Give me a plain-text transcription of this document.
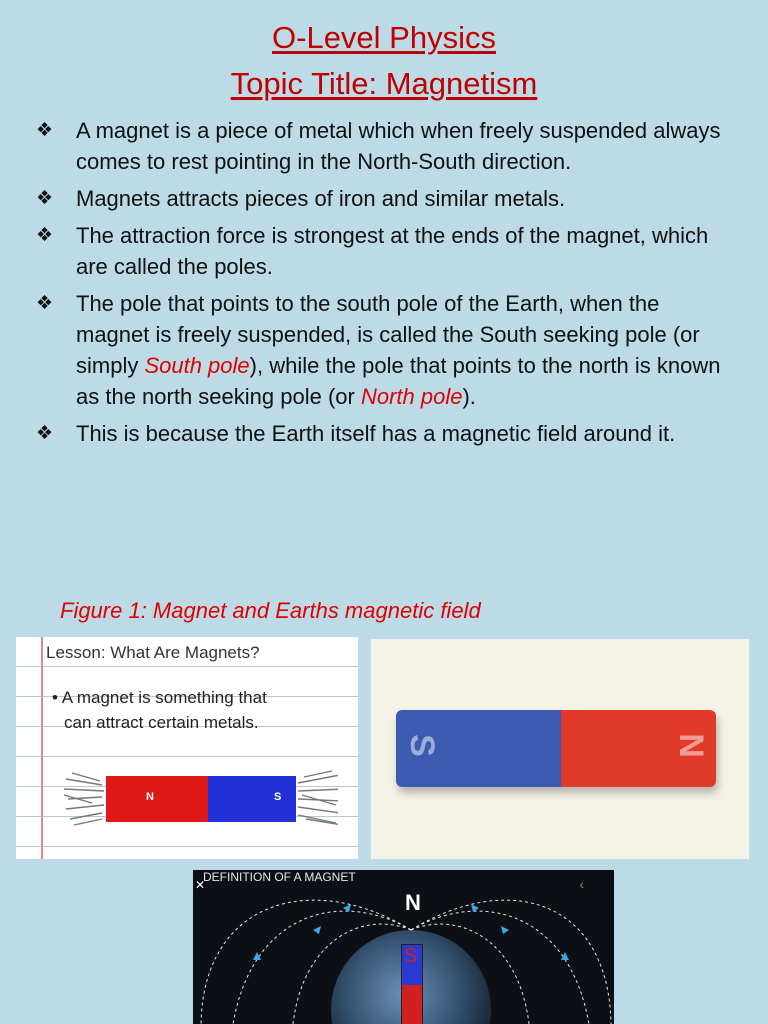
O-Level Physics
Topic Title: Magnetism
❖	A magnet is a piece of metal which when freely suspended always comes to rest pointing in the North-South direction.
❖	Magnets attracts pieces of iron and similar metals.
❖	The attraction force is strongest at the ends of the magnet, which are called the poles.
❖	The pole that points to the south pole of the Earth, when the magnet is freely suspended, is called the South seeking pole (or simply South pole), while the pole that points to the north is known as the north seeking pole (or North pole).
❖	This is because the Earth itself has a magnetic field around it.
Figure 1: Magnet and Earths magnetic field
Lesson: What Are Magnets?
• A magnet is something that
can attract certain metals.
N	S
S	N
✕
DEFINITION OF A MAGNET	‹
N
S
